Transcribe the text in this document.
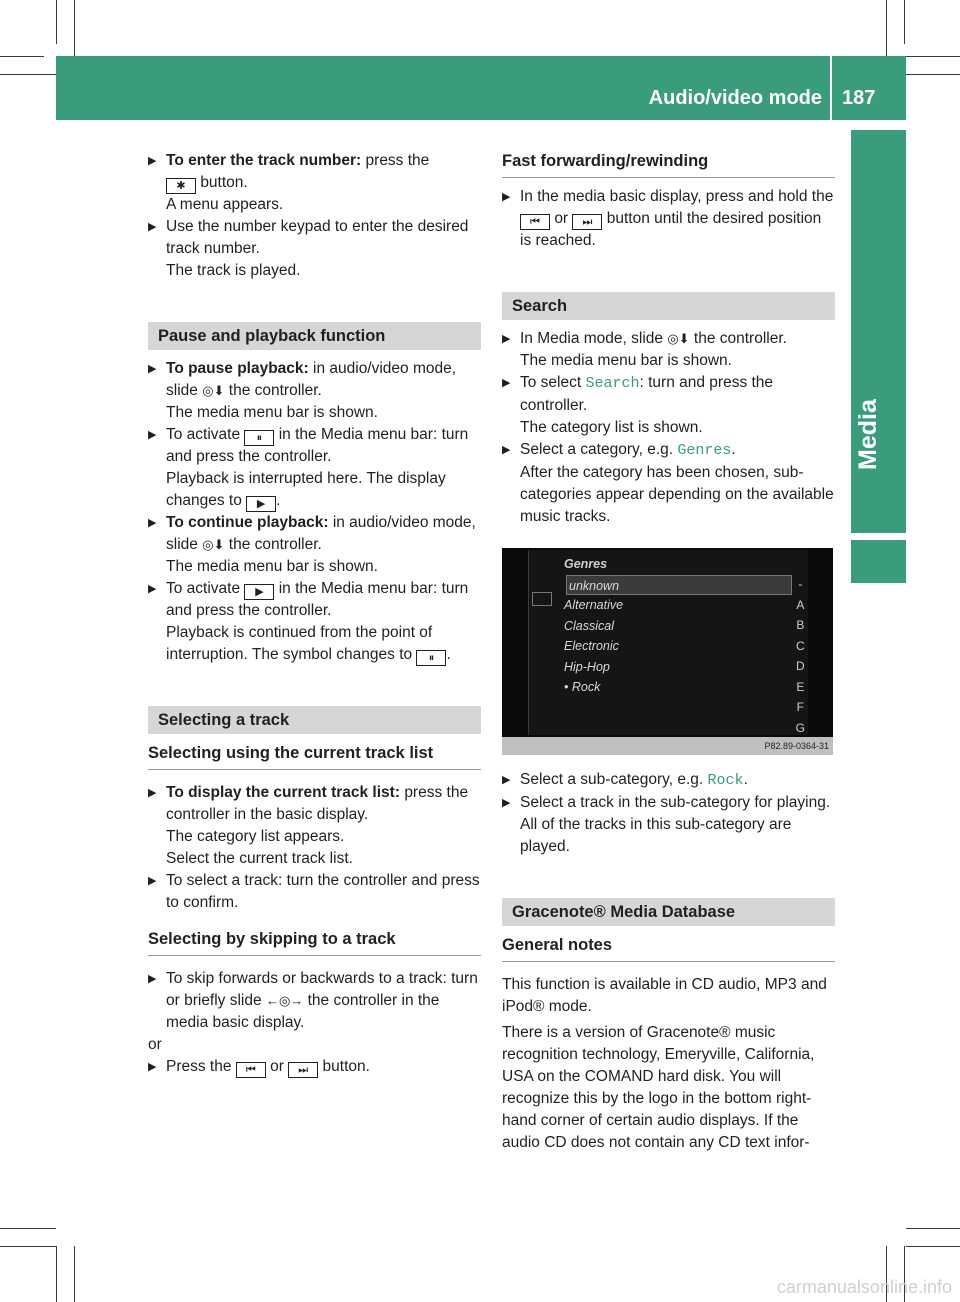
Audio/video mode 187
Media
▶ To enter the track number: press the
✱ button.
A menu appears.

▶ Use the number keypad to enter the desired track number.
The track is played.

Pause and playback function
▶ To pause playback: in audio/video mode, slide ◎⬇ the controller.
The media menu bar is shown.

▶ To activate ⏸ in the Media menu bar: turn and press the controller.
Playback is interrupted here. The display changes to ▶ .

▶ To continue playback: in audio/video mode, slide ◎⬇ the controller.
The media menu bar is shown.

▶ To activate ▶ in the Media menu bar: turn and press the controller.
Playback is continued from the point of interruption. The symbol changes to ⏸ .

Selecting a track
Selecting using the current track list
▶ To display the current track list: press the controller in the basic display.
The category list appears.
Select the current track list.

▶ To select a track: turn the controller and press to confirm.

Selecting by skipping to a track
▶ To skip forwards or backwards to a track: turn or briefly slide ←◎→ the controller in the media basic display.

or

▶ Press the ⏮ or ⏭ button.

Fast forwarding/rewinding
▶ In the media basic display, press and hold the ⏮ or ⏭ button until the desired position is reached.

Search
▶ In Media mode, slide ◎⬇ the controller.
The media menu bar is shown.

▶ To select Search: turn and press the controller.
The category list is shown.

▶ Select a category, e.g. Genres.
After the category has been chosen, sub-categories appear depending on the available music tracks.

Genres
unknown
Alternative
Classical
Electronic
Hip-Hop
• Rock
-
A
B
C
D
E
F
G
P82.89-0364-31
▶ Select a sub-category, e.g. Rock.

▶ Select a track in the sub-category for playing.
All of the tracks in this sub-category are played.

Gracenote® Media Database
General notes

This function is available in CD audio, MP3 and iPod® mode.

There is a version of Gracenote® music recognition technology, Emeryville, California, USA on the COMAND hard disk. You will recognize this by the logo in the bottom right-hand corner of certain audio displays. If the audio CD does not contain any CD text infor-

carmanualsonline.info
